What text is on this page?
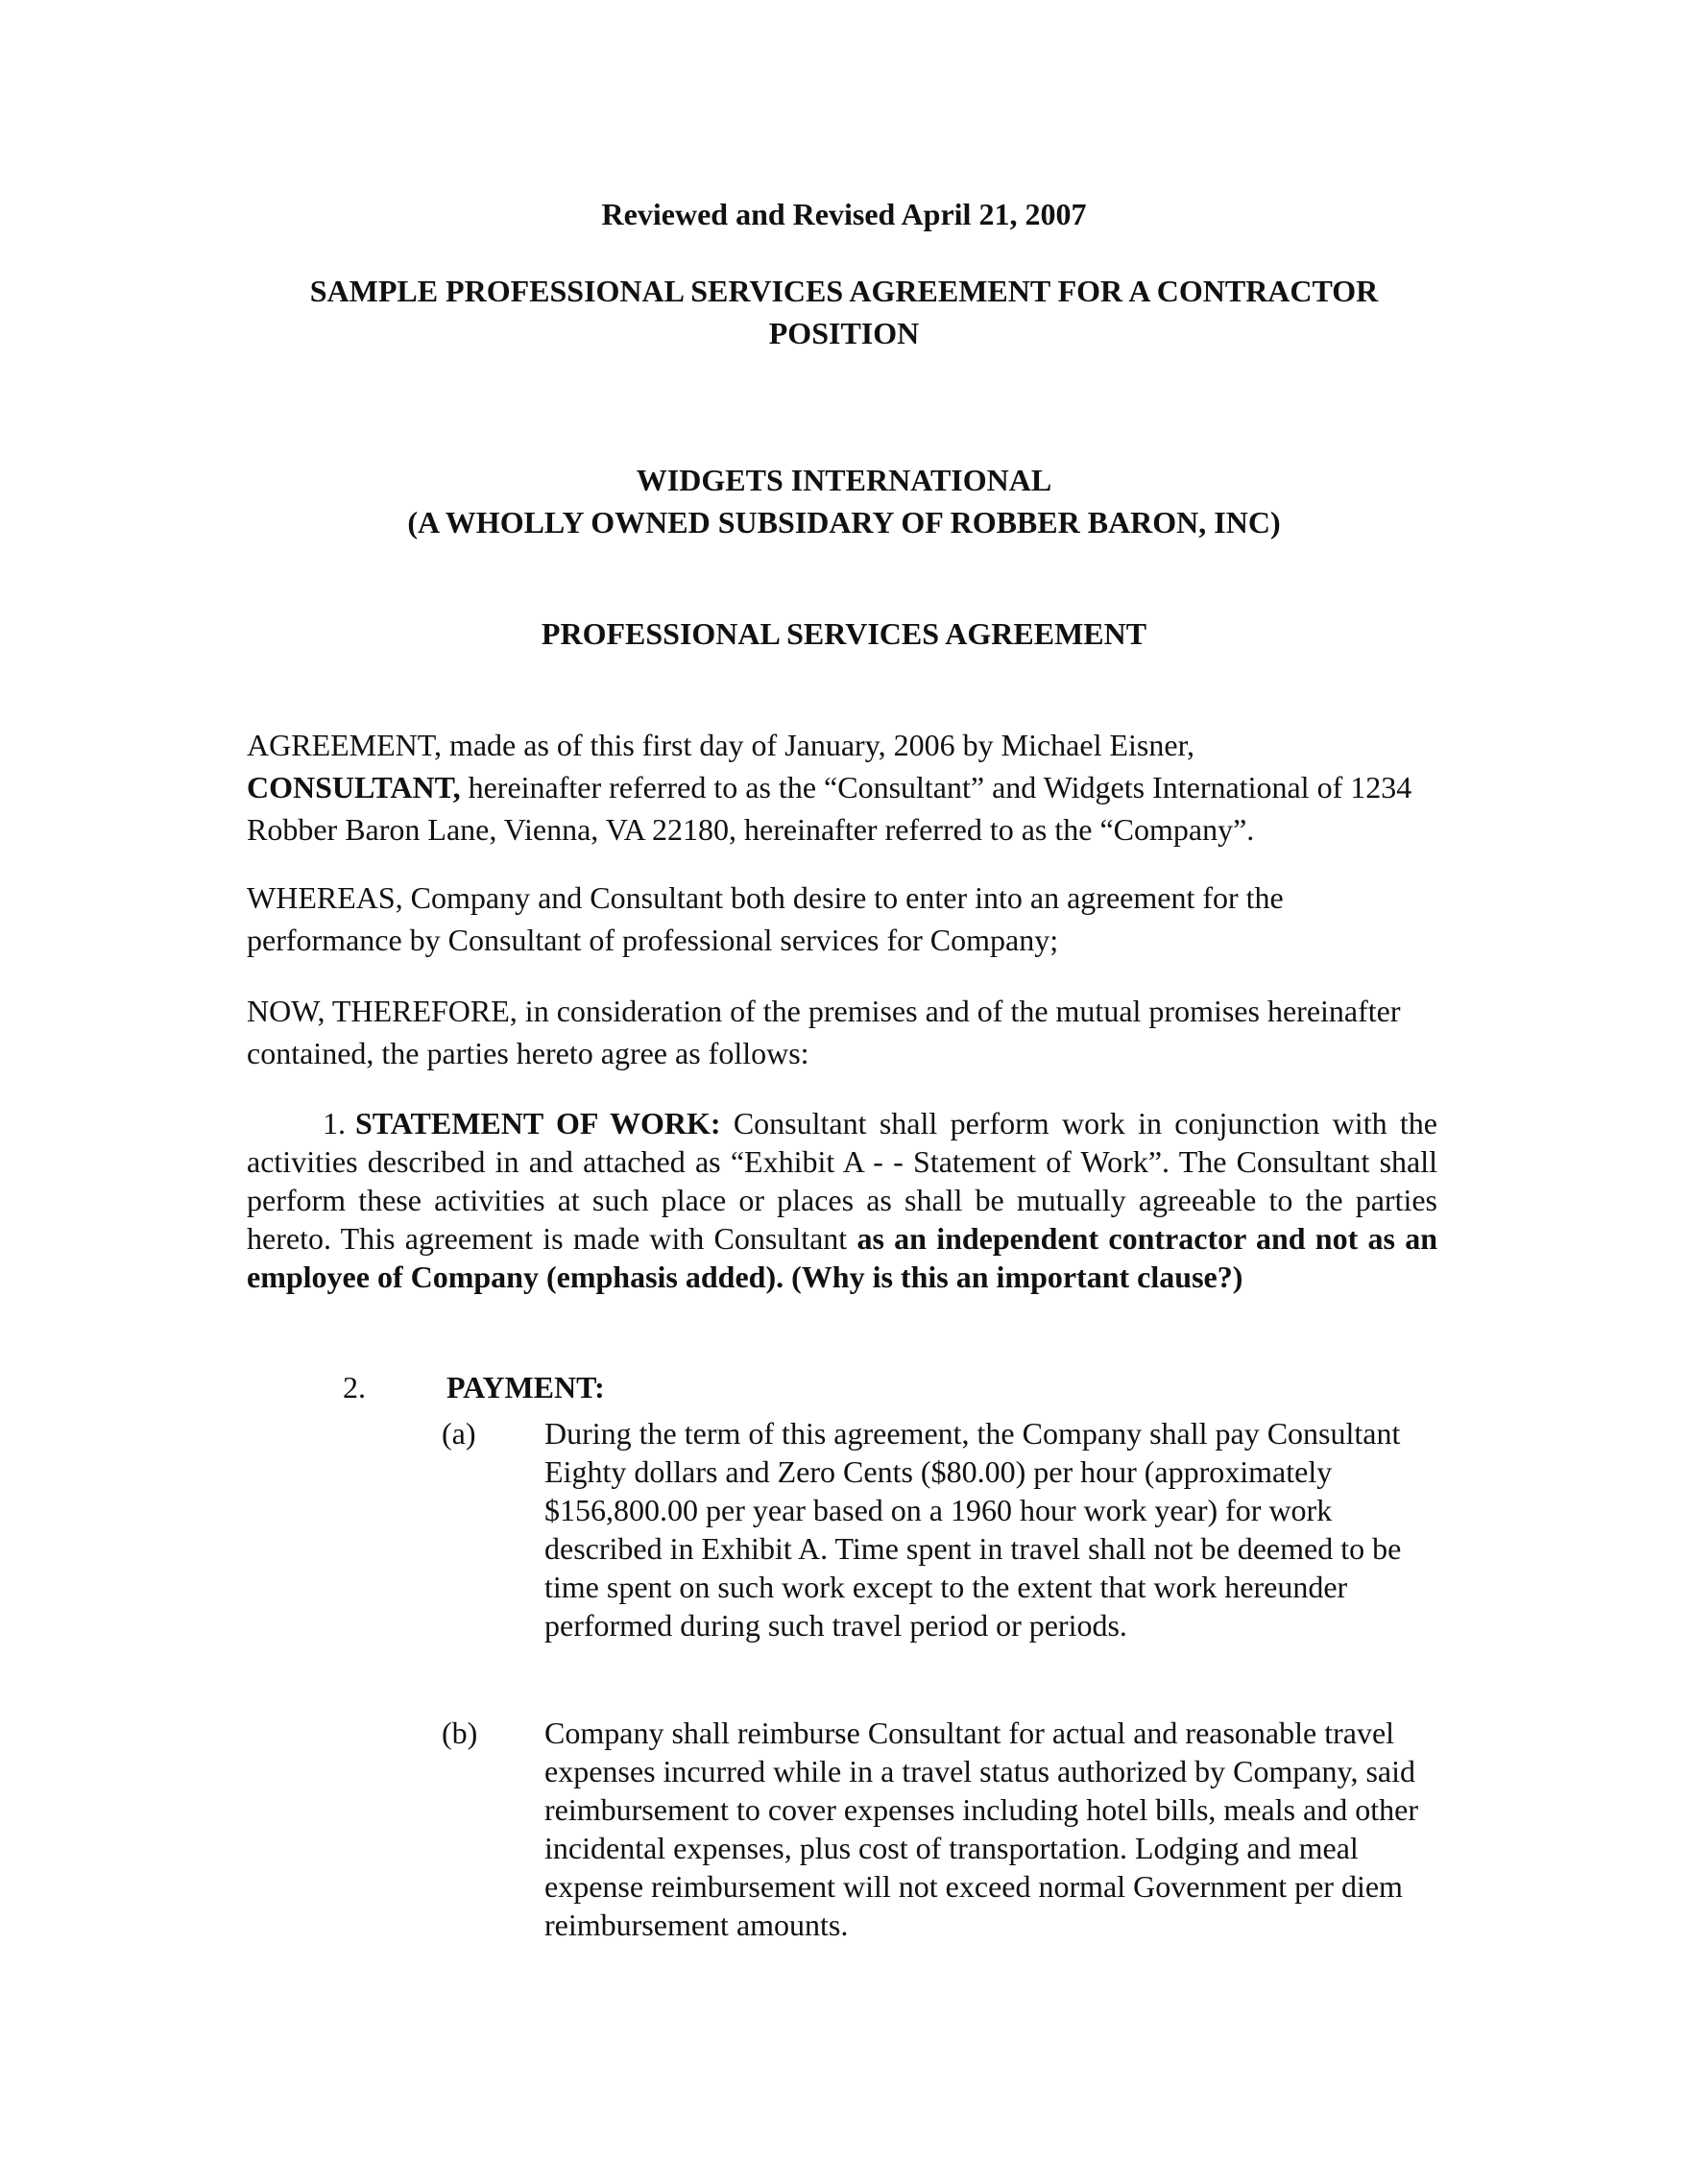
Reviewed and Revised April 21, 2007

SAMPLE PROFESSIONAL SERVICES AGREEMENT FOR A CONTRACTOR

POSITION

WIDGETS INTERNATIONAL

(A WHOLLY OWNED SUBSIDARY OF ROBBER BARON, INC)

PROFESSIONAL SERVICES AGREEMENT

AGREEMENT, made as of this first day of January, 2006 by Michael Eisner,
CONSULTANT, hereinafter referred to as the “Consultant” and Widgets International of 1234 Robber Baron Lane, Vienna, VA 22180, hereinafter referred to as the “Company”.

WHEREAS, Company and Consultant both desire to enter into an agreement for the performance by Consultant of professional services for Company;

NOW, THEREFORE, in consideration of the premises and of the mutual promises hereinafter contained, the parties hereto agree as follows:

1. STATEMENT OF WORK: Consultant shall perform work in conjunction with the activities described in and attached as “Exhibit A - - Statement of Work”. The Consultant shall perform these activities at such place or places as shall be mutually agreeable to the parties hereto. This agreement is made with Consultant as an independent contractor and not as an employee of Company (emphasis added). (Why is this an important clause?)

2.	PAYMENT:

(a) During the term of this agreement, the Company shall pay Consultant Eighty dollars and Zero Cents ($80.00) per hour (approximately $156,800.00 per year based on a 1960 hour work year) for work described in Exhibit A. Time spent in travel shall not be deemed to be time spent on such work except to the extent that work hereunder performed during such travel period or periods.

(b) Company shall reimburse Consultant for actual and reasonable travel expenses incurred while in a travel status authorized by Company, said reimbursement to cover expenses including hotel bills, meals and other incidental expenses, plus cost of transportation. Lodging and meal expense reimbursement will not exceed normal Government per diem reimbursement amounts.
